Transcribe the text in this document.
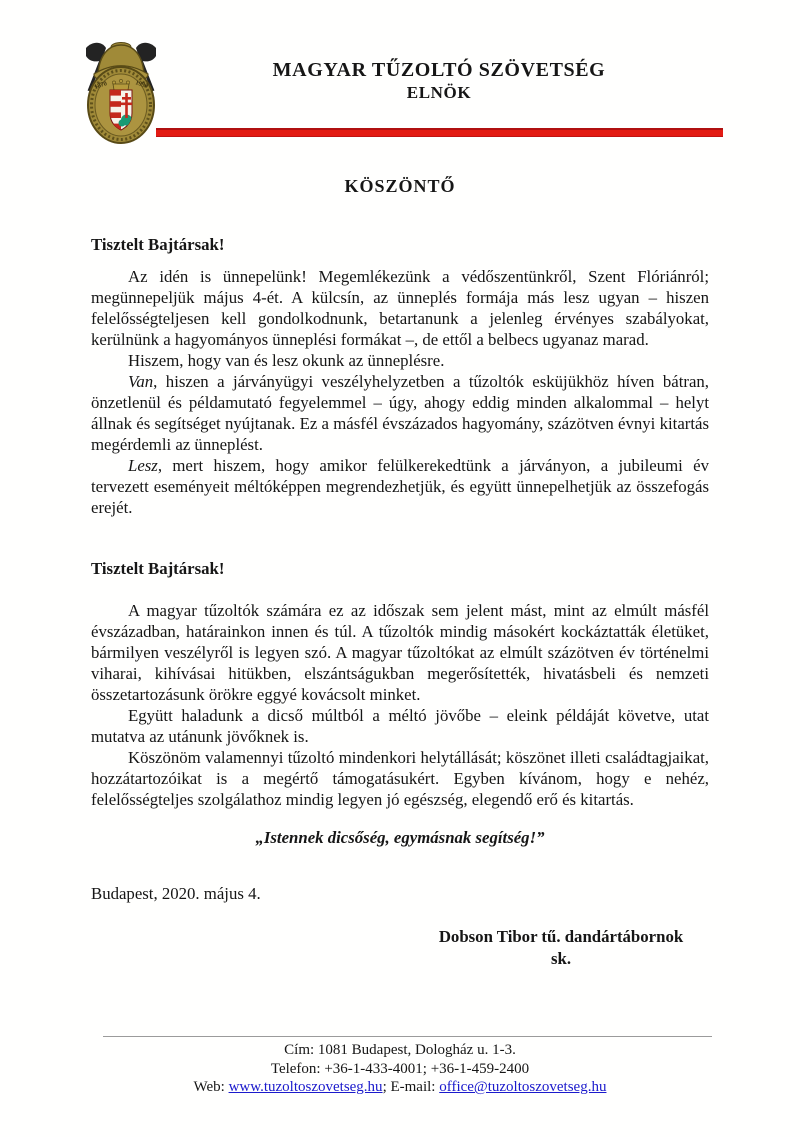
1870	1990

MAGYAR TŰZOLTÓ SZÖVETSÉG

ELNÖK

KÖSZÖNTŐ

Tisztelt Bajtársak!

Az idén is ünnepelünk! Megemlékezünk a védőszentünkről, Szent Flóriánról; megünnepeljük május 4-ét. A külcsín, az ünneplés formája más lesz ugyan – hiszen felelősségteljesen kell gondolkodnunk, betartanunk a jelenleg érvényes szabályokat, kerülnünk a hagyományos ünneplési formákat –, de ettől a belbecs ugyanaz marad.

Hiszem, hogy van és lesz okunk az ünneplésre.

Van, hiszen a járványügyi veszélyhelyzetben a tűzoltók esküjükhöz híven bátran, önzetlenül és példamutató fegyelemmel – úgy, ahogy eddig minden alkalommal – helyt állnak és segítséget nyújtanak. Ez a másfél évszázados hagyomány, százötven évnyi kitartás megérdemli az ünneplést.

Lesz, mert hiszem, hogy amikor felülkerekedtünk a járványon, a jubileumi év tervezett eseményeit méltóképpen megrendezhetjük, és együtt ünnepelhetjük az összefogás erejét.

Tisztelt Bajtársak!

A magyar tűzoltók számára ez az időszak sem jelent mást, mint az elmúlt másfél évszázadban, határainkon innen és túl. A tűzoltók mindig másokért kockáztatták életüket, bármilyen veszélyről is legyen szó. A magyar tűzoltókat az elmúlt százötven év történelmi viharai, kihívásai hitükben, elszántságukban megerősítették, hivatásbeli és nemzeti összetartozásunk örökre eggyé kovácsolt minket.

Együtt haladunk a dicső múltból a méltó jövőbe – eleink példáját követve, utat mutatva az utánunk jövőknek is.

Köszönöm valamennyi tűzoltó mindenkori helytállását; köszönet illeti családtagjaikat, hozzátartozóikat is a megértő támogatásukért. Egyben kívánom, hogy e nehéz, felelősségteljes szolgálathoz mindig legyen jó egészség, elegendő erő és kitartás.

„Istennek dicsőség, egymásnak segítség!”

Budapest, 2020. május 4.

Dobson Tibor tű. dandártábornok

sk.

Cím: 1081 Budapest, Dologház u. 1-3.

Telefon: +36-1-433-4001; +36-1-459-2400

Web: www.tuzoltoszovetseg.hu; E-mail: office@tuzoltoszovetseg.hu
